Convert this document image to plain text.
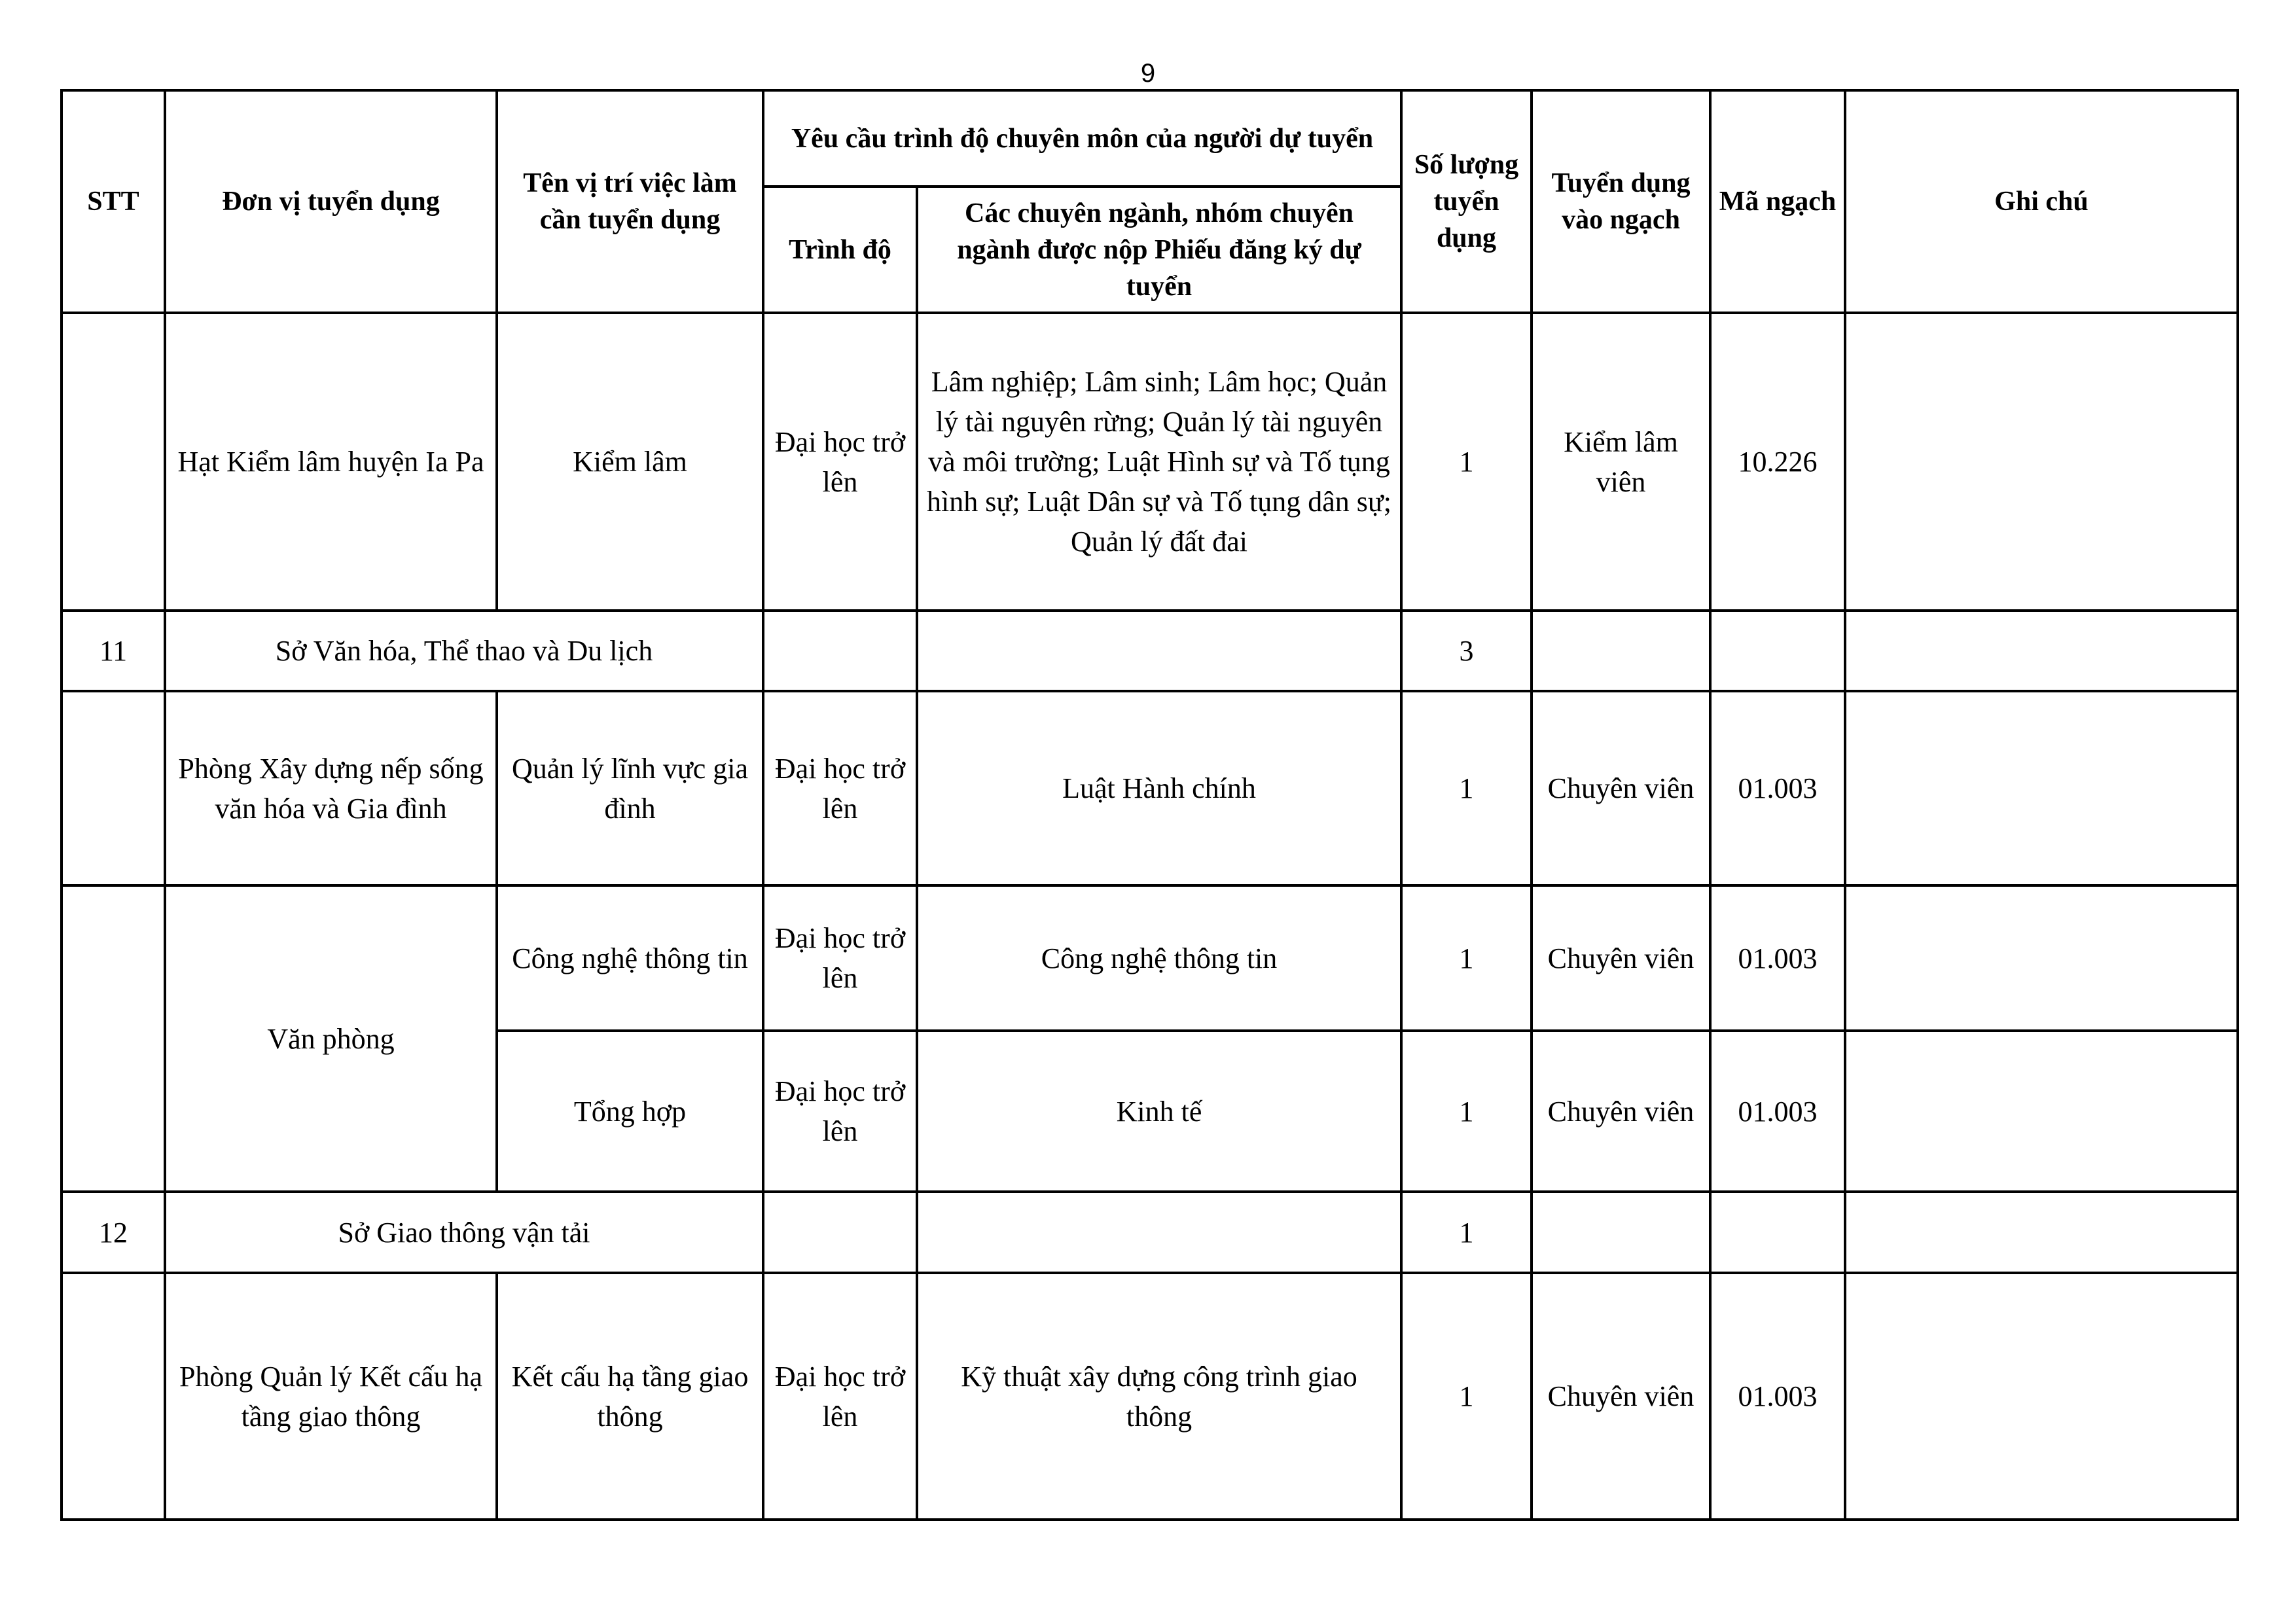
9
STT	Đơn vị tuyển dụng	Tên vị trí việc làm cần tuyển dụng	Yêu cầu trình độ chuyên môn của người dự tuyển		Số lượng tuyển dụng	Tuyển dụng vào ngạch	Mã ngạch	Ghi chú
			Trình độ	Các chuyên ngành, nhóm chuyên ngành được nộp Phiếu đăng ký dự tuyển				
	Hạt Kiểm lâm huyện Ia Pa	Kiểm lâm	Đại học trở lên	Lâm nghiệp; Lâm sinh; Lâm học; Quản lý tài nguyên rừng; Quản lý tài nguyên và môi trường; Luật Hình sự và Tố tụng hình sự; Luật Dân sự và Tố tụng dân sự; Quản lý đất đai	1	Kiểm lâm viên	10.226	
11	Sở Văn hóa, Thể thao và Du lịch				3			
	Phòng Xây dựng nếp sống văn hóa và Gia đình	Quản lý lĩnh vực gia đình	Đại học trở lên	Luật Hành chính	1	Chuyên viên	01.003	
	Văn phòng	Công nghệ thông tin	Đại học trở lên	Công nghệ thông tin	1	Chuyên viên	01.003	
		Tổng hợp	Đại học trở lên	Kinh tế	1	Chuyên viên	01.003	
12	Sở Giao thông vận tải				1			
	Phòng Quản lý Kết cấu hạ tầng giao thông	Kết cấu hạ tầng giao thông	Đại học trở lên	Kỹ thuật xây dựng công trình giao thông	1	Chuyên viên	01.003	
